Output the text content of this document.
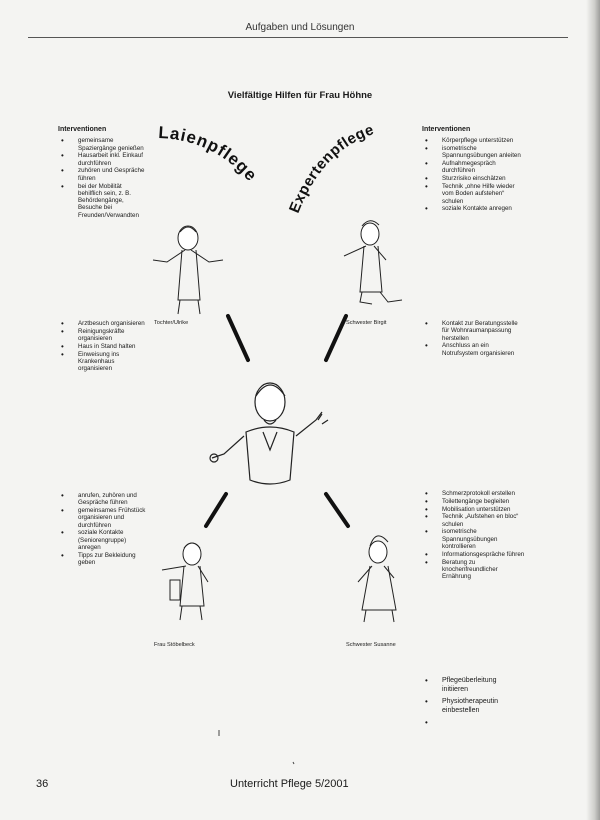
Aufgaben und Lösungen
Vielfältige Hilfen für Frau Höhne
Laienpflege
Expertenpflege
Interventionen
• gemeinsame Spaziergänge genießen
• Hausarbeit inkl. Einkauf durchführen
• zuhören und Gespräche führen
• bei der Mobilität behilflich sein, z. B. Behördengänge, Besuche bei Freunden/Verwandten
Interventionen
• Körperpflege unterstützen
• isometrische Spannungsübungen anleiten
• Aufnahmegespräch durchführen
• Sturzrisiko einschätzen
• Technik „ohne Hilfe wieder vom Boden aufstehen“ schulen
• soziale Kontakte anregen
• Arztbesuch organisieren
• Reinigungskräfte organisieren
• Haus in Stand halten
• Einweisung ins Krankenhaus organisieren
• Kontakt zur Beratungsstelle für Wohnraumanpassung herstellen
• Anschluss an ein Notrufsystem organisieren
• anrufen, zuhören und Gespräche führen
• gemeinsames Frühstück organisieren und durchführen
• soziale Kontakte (Seniorengruppe) anregen
• Tipps zur Bekleidung geben
• Schmerzprotokoll erstellen
• Toilettengänge begleiten
• Mobilisation unterstützen
• Technik „Aufstehen en bloc“ schulen
• isometrische Spannungsübungen kontrollieren
• Informationsgespräche führen
• Beratung zu knochenfreundlicher Ernährung
• Pflegeüberleitung initiieren
• Physiotherapeutin einbestellen
Tochter/Ulrike	Schwester Birgit
Frau Stöbelbeck	Schwester Susanne
36	Unterricht Pflege 5/2001
